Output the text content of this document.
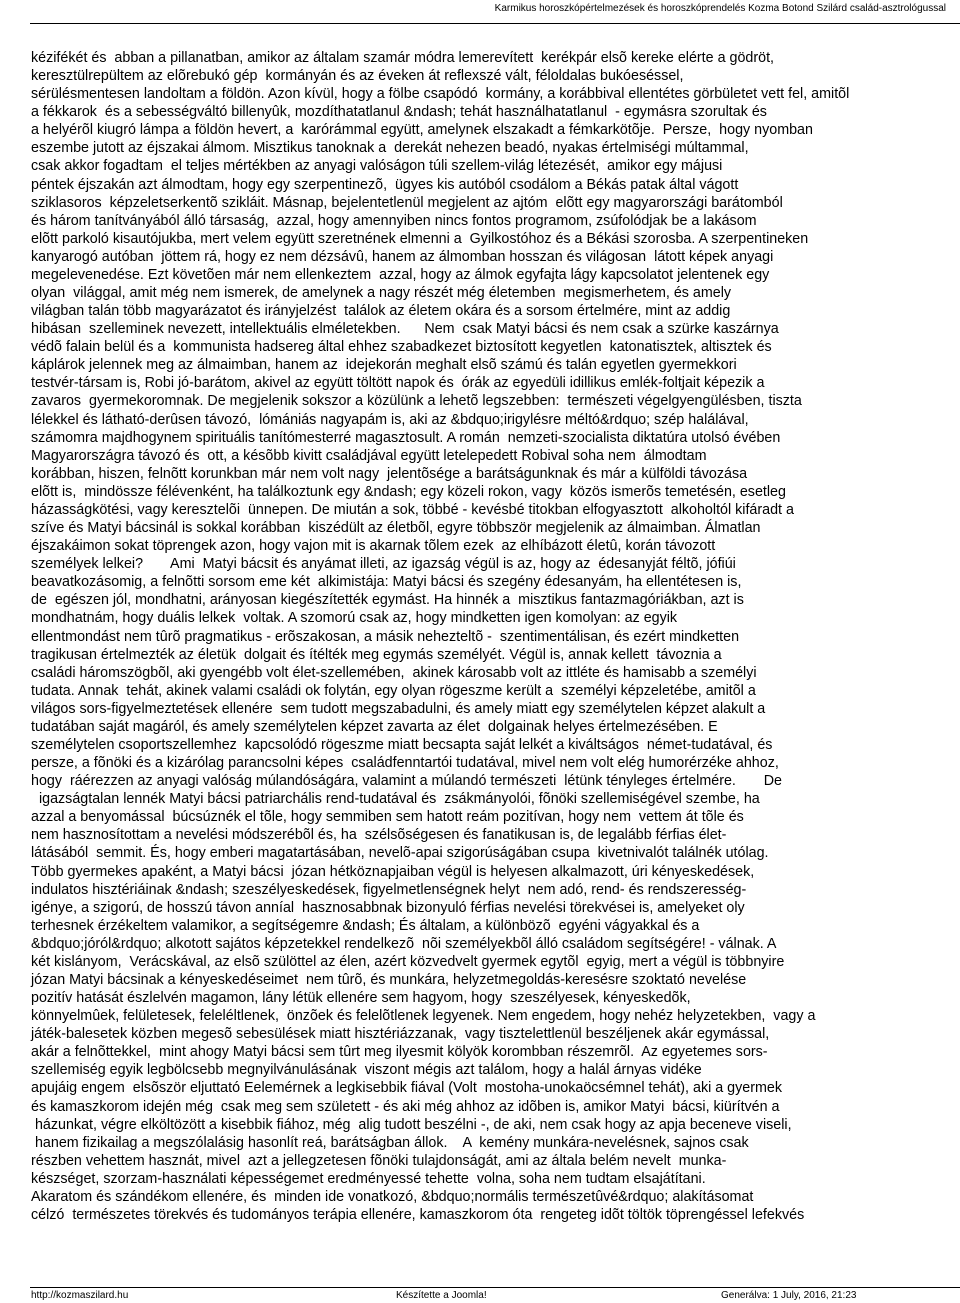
Karmikus horoszkópértelmezések és horoszkóprendelés Kozma Botond Szilárd család-asztrológussal
kézifékét és  abban a pillanatban, amikor az általam szamár módra lemerevített  kerékpár elsõ kereke elérte a gödröt,
keresztülrepültem az elõrebukó gép  kormányán és az éveken át reflexszé vált, féloldalas bukóeséssel,
sérülésmentesen landoltam a földön. Azon kívül, hogy a fölbe csapódó  kormány, a korábbival ellentétes görbületet vett fel, amitõl
a fékkarok  és a sebességváltó billenyûk, mozdíthatatlanul &ndash; tehát használhatatlanul  - egymásra szorultak és
a helyérõl kiugró lámpa a földön hevert, a  karórámmal együtt, amelynek elszakadt a fémkarkötõje.  Persze,  hogy nyomban
eszembe jutott az éjszakai álmom. Misztikus tanoknak a  derekát nehezen beadó, nyakas értelmiségi múltammal,
csak akkor fogadtam  el teljes mértékben az anyagi valóságon túli szellem-világ létezését,  amikor egy májusi
péntek éjszakán azt álmodtam, hogy egy szerpentinezõ,  ügyes kis autóból csodálom a Békás patak által vágott
sziklasoros  képzeletserkentõ szikláit. Másnap, bejelentetlenül megjelent az ajtóm  elõtt egy magyarországi barátomból
és három tanítványából álló társaság,  azzal, hogy amennyiben nincs fontos programom, zsúfolódjak be a lakásom
elõtt parkoló kisautójukba, mert velem együtt szeretnének elmenni a  Gyilkostóhoz és a Békási szorosba. A szerpentineken
kanyarogó autóban  jöttem rá, hogy ez nem dézsávû, hanem az álmomban hosszan és világosan  látott képek anyagi
megelevenedése. Ezt követõen már nem ellenkeztem  azzal, hogy az álmok egyfajta lágy kapcsolatot jelentenek egy
olyan  világgal, amit még nem ismerek, de amelynek a nagy részét még életemben  megismerhetem, és amely
világban talán több magyarázatot és irányjelzést  találok az életem okára és a sorsom értelmére, mint az addig
hibásan  szelleminek nevezett, intellektuális elméletekben.      Nem  csak Matyi bácsi és nem csak a szürke kaszárnya
védõ falain belül és a  kommunista hadsereg által ehhez szabadkezet biztosított kegyetlen  katonatisztek, altisztek és
káplárok jelennek meg az álmaimban, hanem az  idejekorán meghalt elsõ számú és talán egyetlen gyermekkori
testvér-társam is, Robi jó-barátom, akivel az együtt töltött napok és  órák az egyedüli idillikus emlék-foltjait képezik a
zavaros  gyermekoromnak. De megjelenik sokszor a közülünk a lehetõ legszebben:  természeti végelgyengülésben, tiszta
lélekkel és látható-derûsen távozó,  lómániás nagyapám is, aki az &bdquo;irigylésre méltó&rdquo; szép halálával,
számomra majdhogynem spirituális tanítómesterré magasztosult. A román  nemzeti-szocialista diktatúra utolsó évében
Magyarországra távozó és  ott, a késõbb kivitt családjával együtt letelepedett Robival soha nem  álmodtam
korábban, hiszen, felnõtt korunkban már nem volt nagy  jelentõsége a barátságunknak és már a külföldi távozása
elõtt is,  mindössze félévenként, ha találkoztunk egy &ndash; egy közeli rokon, vagy  közös ismerõs temetésén, esetleg
házasságkötési, vagy keresztelõi  ünnepen. De miután a sok, többé - kevésbé titokban elfogyasztott  alkoholtól kifáradt a
szíve és Matyi bácsinál is sokkal korábban  kiszédült az életbõl, egyre többször megjelenik az álmaimban. Álmatlan
éjszakáimon sokat töprengek azon, hogy vajon mit is akarnak tõlem ezek  az elhíbázott életû, korán távozott
személyek lelkei?       Ami  Matyi bácsit és anyámat illeti, az igazság végül is az, hogy az  édesanyját féltõ, jófiúi
beavatkozásomig, a felnõtti sorsom eme két  alkimistája: Matyi bácsi és szegény édesanyám, ha ellentétesen is,
de  egészen jól, mondhatni, arányosan kiegészítették egymást. Ha hinnék a  misztikus fantazmagóriákban, azt is
mondhatnám, hogy duális lelkek  voltak. A szomorú csak az, hogy mindketten igen komolyan: az egyik
ellentmondást nem tûrõ pragmatikus - erõszakosan, a másik nehezteltõ -  szentimentálisan, és ezért mindketten
tragikusan értelmezték az életük  dolgait és ítélték meg egymás személyét. Végül is, annak kellett  távoznia a
családi háromszögbõl, aki gyengébb volt élet-szellemében,  akinek károsabb volt az ittléte és hamisabb a személyi
tudata. Annak  tehát, akinek valami családi ok folytán, egy olyan rögeszme került a  személyi képzeletébe, amitõl a
világos sors-figyelmeztetések ellenére  sem tudott megszabadulni, és amely miatt egy személytelen képzet alakult a
tudatában saját magáról, és amely személytelen képzet zavarta az élet  dolgainak helyes értelmezésében. E
személytelen csoportszellemhez  kapcsolódó rögeszme miatt becsapta saját lelkét a kiváltságos  német-tudatával, és
persze, a fõnöki és a kizárólag parancsolni képes  családfenntartói tudatával, mivel nem volt elég humorérzéke ahhoz,
hogy  ráérezzen az anyagi valóság múlandóságára, valamint a múlandó természeti  létünk tényleges értelmére.       De
igazságtalan lennék Matyi bácsi patriarchális rend-tudatával és  zsákmányolói, fõnöki szellemiségével szembe, ha
azzal a benyomással  búcsúznék el tõle, hogy semmiben sem hatott reám pozitívan, hogy nem  vettem át tõle és
nem hasznosítottam a nevelési módszerébõl és, ha  szélsõségesen és fanatikusan is, de legalább férfias élet-
látásából  semmit. És, hogy emberi magatartásában, nevelõ-apai szigorúságában csupa  kivetnivalót találnék utólag.
Több gyermekes apaként, a Matyi bácsi  józan hétköznapjaiban végül is helyesen alkalmazott, úri kényeskedések,
indulatos hisztériáinak &ndash; szeszélyeskedések, figyelmetlenségnek helyt  nem adó, rend- és rendszeresség-
igénye, a szigorú, de hosszú távon anníal  hasznosabbnak bizonyuló férfias nevelési törekvései is, amelyeket oly
terhesnek érzékeltem valamikor, a segítségemre &ndash; És általam, a különbözõ  egyéni vágyakkal és a
&bdquo;jóról&rdquo; alkotott sajátos képzetekkel rendelkezõ  nõi személyekbõl álló családom segítségére! - válnak. A
két kislányom,  Verácskával, az elsõ szülöttel az élen, azért közvedvelt gyermek egytõl  egyig, mert a végül is többnyire
józan Matyi bácsinak a kényeskedéseimet  nem tûrõ, és munkára, helyzetmegoldás-keresésre szoktató nevelése
pozitív hatását észlelvén magamon, lány létük ellenére sem hagyom, hogy  szeszélyesek, kényeskedõk,
könnyelmûek, felületesek, feleléltlenek,  önzõek és felelõtlenek legyenek. Nem engedem, hogy nehéz helyzetekben,  vagy a
játék-balesetek közben megesõ sebesülések miatt hisztériázzanak,  vagy tisztelettlenül beszéljenek akár egymással,
akár a felnõttekkel,  mint ahogy Matyi bácsi sem tûrt meg ilyesmit kölyök korombban részemrõl.  Az egyetemes sors-
szellemiség egyik legbölcsebb megnyilvánulásának  viszont mégis azt találom, hogy a halál árnyas vidéke
apujáig engem  elsõször eljuttató Eelemérnek a legkisebbik fiával (Volt  mostoha-unokaöcsémnel tehát), aki a gyermek
és kamaszkorom idején még  csak meg sem született - és aki még ahhoz az idõben is, amikor Matyi  bácsi, kiürítvén a
házunkat, végre elköltözött a kisebbik fiához, még  alig tudott beszélni -, de aki, nem csak hogy az apja beceneve viseli,
hanem fizikailag a megszólalásig hasonlít reá, barátságban állok.    A  kemény munkára-nevelésnek, sajnos csak
részben vehettem hasznát, mivel  azt a jellegzetesen fõnöki tulajdonságát, ami az általa belém nevelt  munka-
készséget, szorzam-használati képességemet eredményessé tehette  volna, soha nem tudtam elsajátítani.
Akaratom és szándékom ellenére, és  minden ide vonatkozó, &bdquo;normális természetûvé&rdquo; alakításomat
célzó  természetes törekvés és tudományos terápia ellenére, kamaszkorom óta  rengeteg idõt töltök töprengéssel lefekvés
http://kozmaszilard.hu	Készítette a Joomla!	Generálva: 1 July, 2016, 21:23
